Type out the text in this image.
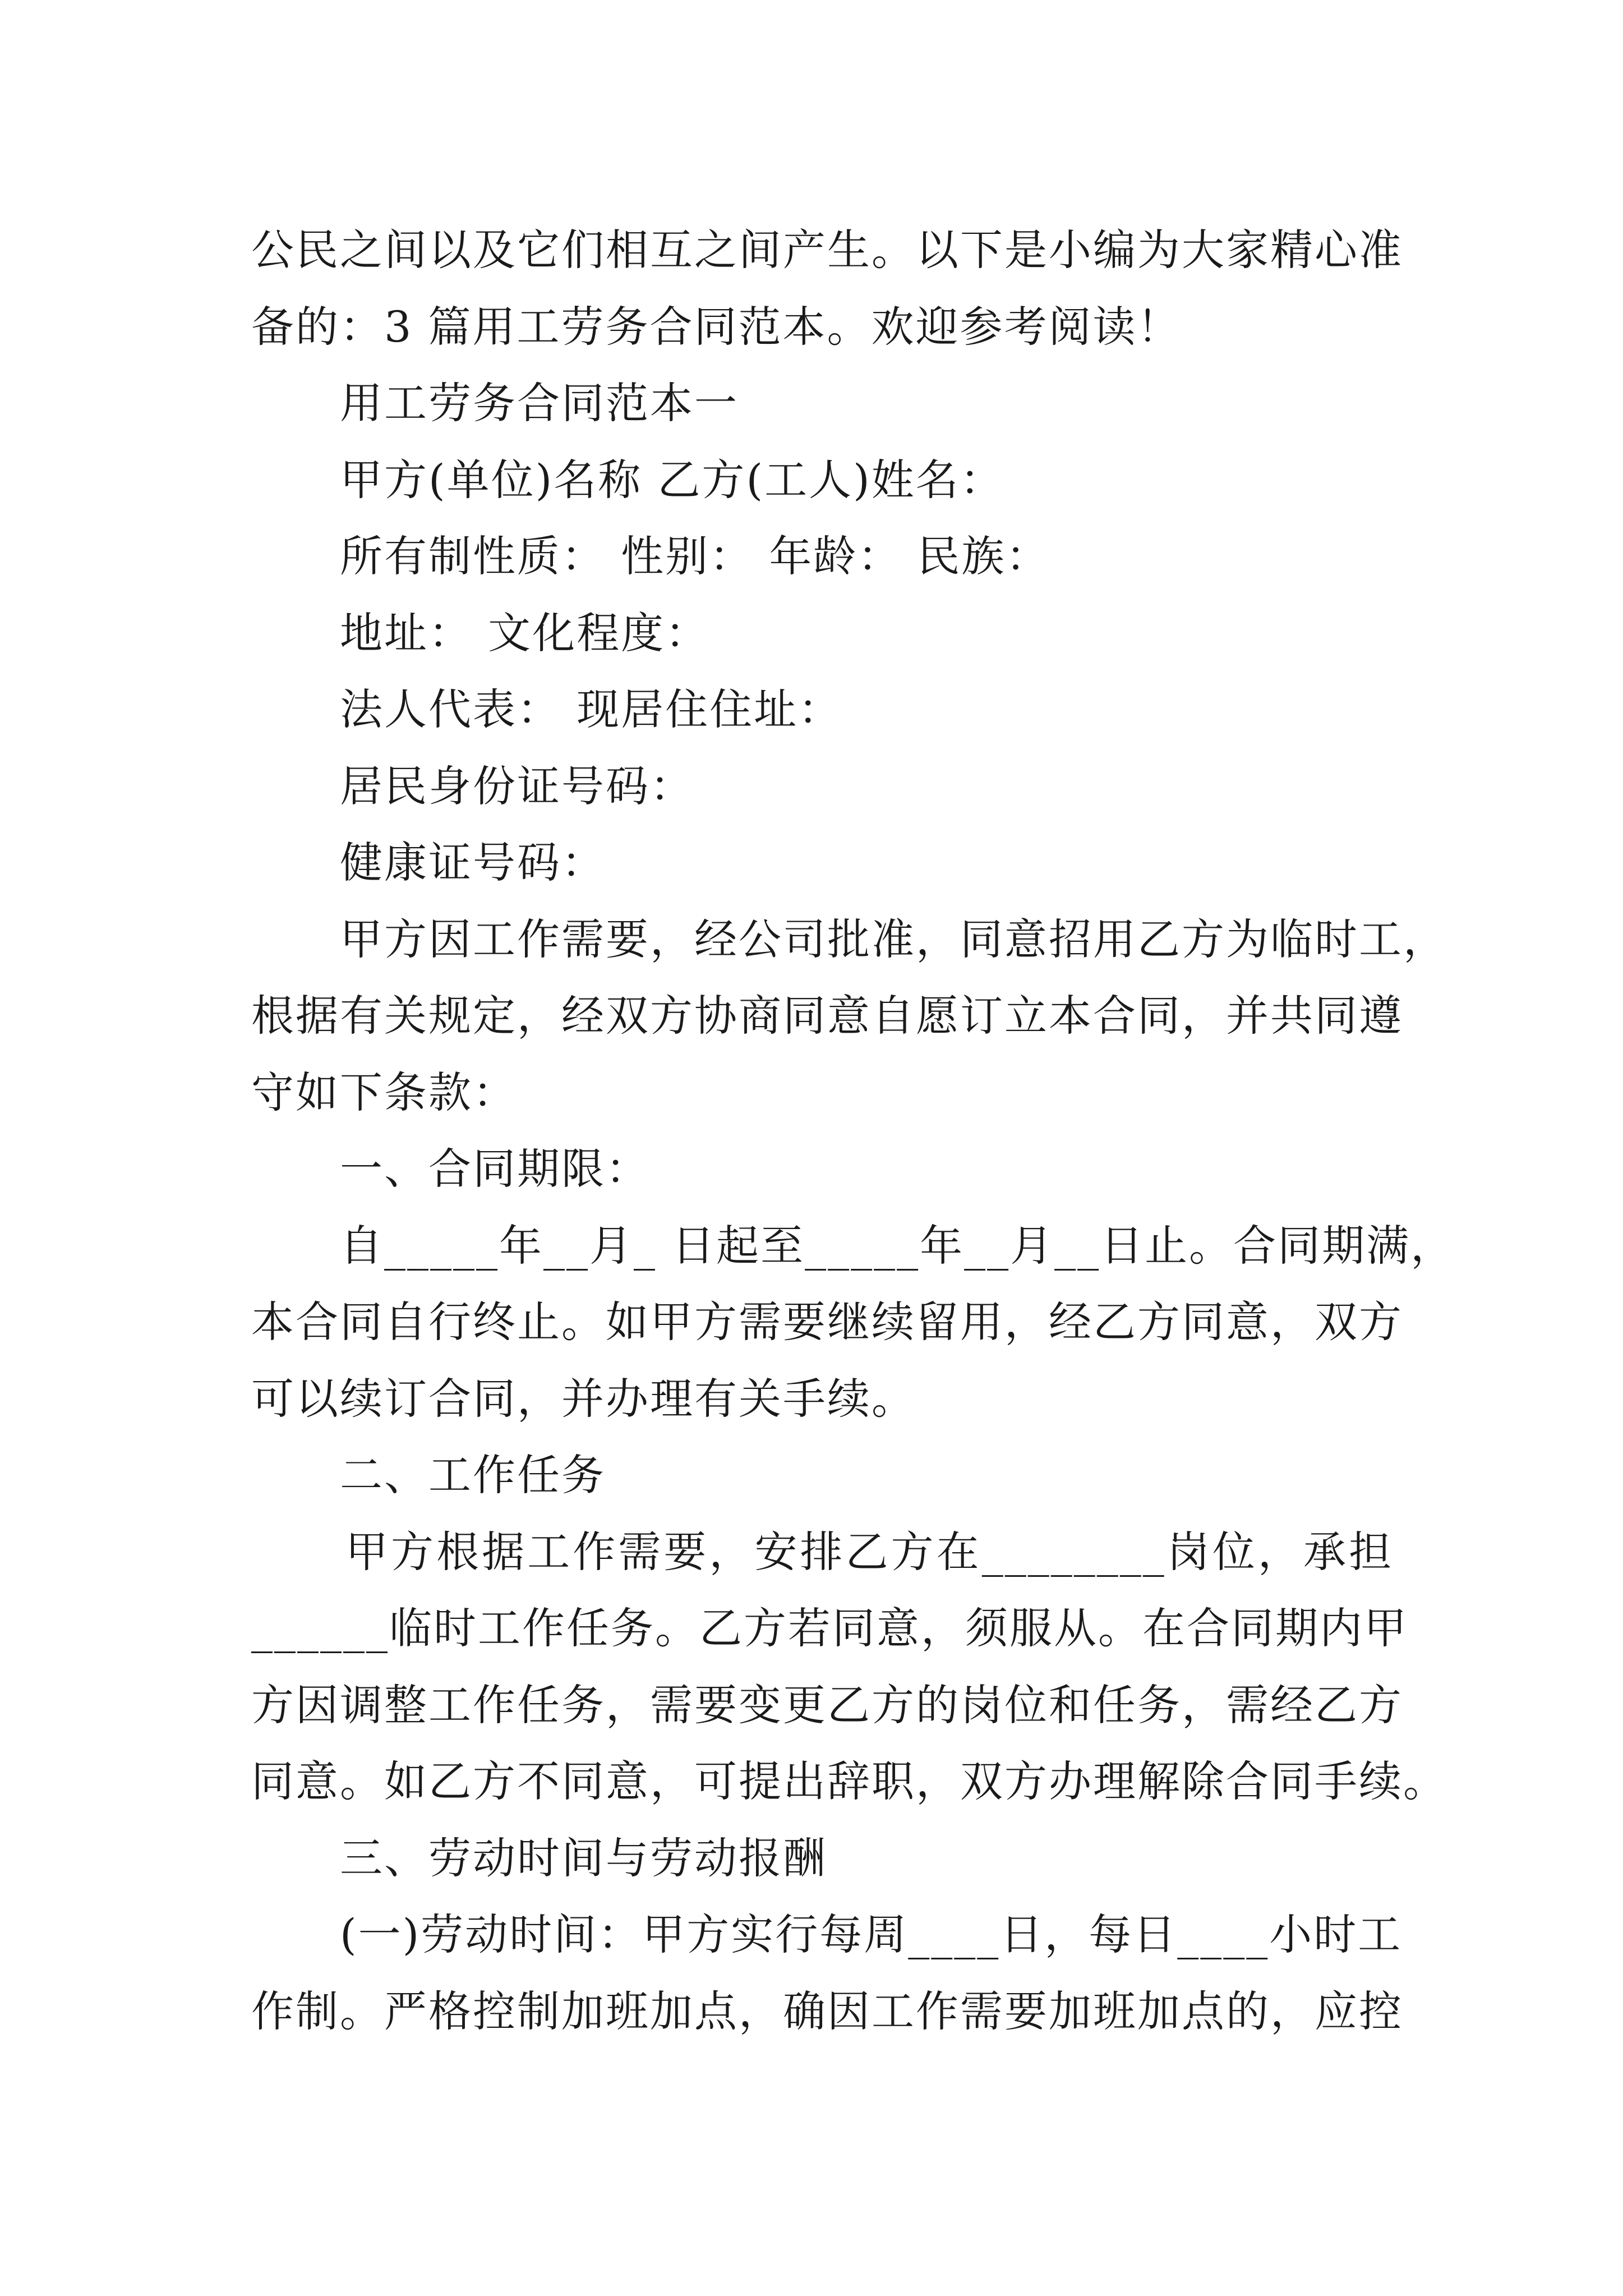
公民之间以及它们相互之间产生。以下是小编为大家精心准
备的：3 篇用工劳务合同范本。欢迎参考阅读！
用工劳务合同范本一
甲方(单位)名称 乙方(工人)姓名：
所有制性质： 性别： 年龄： 民族：
地址： 文化程度：
法人代表： 现居住住址：
居民身份证号码：
健康证号码：
甲方因工作需要，经公司批准，同意招用乙方为临时工，
根据有关规定，经双方协商同意自愿订立本合同，并共同遵
守如下条款：
一、合同期限：
自_____年__月_ 日起至_____年__月__日止。合同期满，
本合同自行终止。如甲方需要继续留用，经乙方同意，双方
可以续订合同，并办理有关手续。
二、工作任务
甲方根据工作需要，安排乙方在________岗位，承担
______临时工作任务。乙方若同意，须服从。在合同期内甲
方因调整工作任务，需要变更乙方的岗位和任务，需经乙方
同意。如乙方不同意，可提出辞职，双方办理解除合同手续。
三、劳动时间与劳动报酬
(一)劳动时间：甲方实行每周____日，每日____小时工
作制。严格控制加班加点，确因工作需要加班加点的，应控
